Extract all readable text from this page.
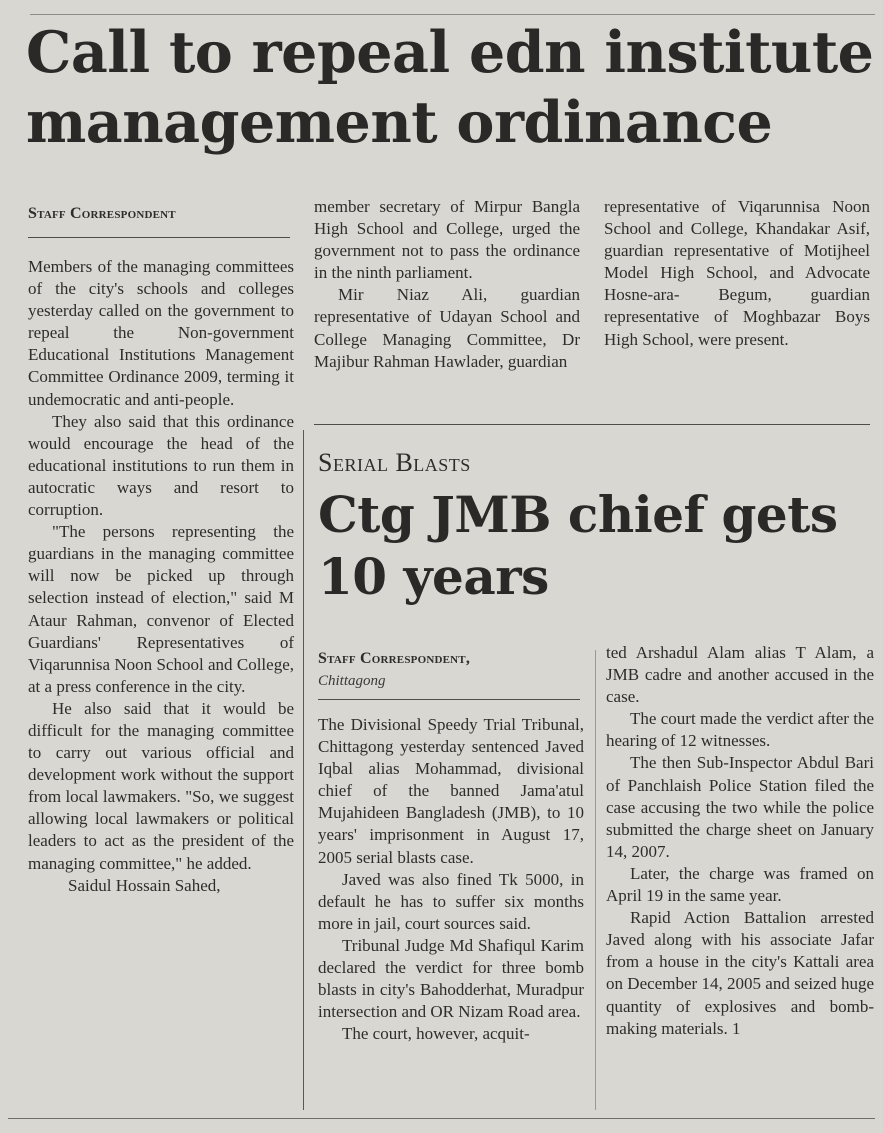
Call to repeal edn institute
management ordinance
Staff Correspondent

Members of the managing committees of the city's schools and colleges yesterday called on the government to repeal the Non-government Educational Institutions Management Committee Ordinance 2009, terming it undemocratic and anti-people.

They also said that this ordinance would encourage the head of the educational institutions to run them in autocratic ways and resort to corruption.

"The persons representing the guardians in the managing committee will now be picked up through selection instead of election," said M Ataur Rahman, convenor of Elected Guardians' Representatives of Viqarunnisa Noon School and College, at a press conference in the city.

He also said that it would be difficult for the managing committee to carry out various official and development work without the support from local lawmakers. "So, we suggest allowing local lawmakers or political leaders to act as the president of the managing committee," he added.

Saidul Hossain Sahed,

member secretary of Mirpur Bangla High School and College, urged the government not to pass the ordinance in the ninth parliament.

Mir Niaz Ali, guardian representative of Udayan School and College Managing Committee, Dr Majibur Rahman Hawlader, guardian

representative of Viqarunnisa Noon School and College, Khandakar Asif, guardian representative of Motijheel Model High School, and Advocate Hosne-ara- Begum, guardian representative of Moghbazar Boys High School, were present.

Serial Blasts
Ctg JMB chief gets
10 years
Staff Correspondent,
Chittagong

The Divisional Speedy Trial Tribunal, Chittagong yesterday sentenced Javed Iqbal alias Mohammad, divisional chief of the banned Jama'atul Mujahideen Bangladesh (JMB), to 10 years' imprisonment in August 17, 2005 serial blasts case.

Javed was also fined Tk 5000, in default he has to suffer six months more in jail, court sources said.

Tribunal Judge Md Shafiqul Karim declared the verdict for three bomb blasts in city's Bahodderhat, Muradpur intersection and OR Nizam Road area.

The court, however, acquit-

ted Arshadul Alam alias T Alam, a JMB cadre and another accused in the case.

The court made the verdict after the hearing of 12 witnesses.

The then Sub-Inspector Abdul Bari of Panchlaish Police Station filed the case accusing the two while the police submitted the charge sheet on January 14, 2007.

Later, the charge was framed on April 19 in the same year.

Rapid Action Battalion arrested Javed along with his associate Jafar from a house in the city's Kattali area on December 14, 2005 and seized huge quantity of explosives and bomb-making materials. 1
